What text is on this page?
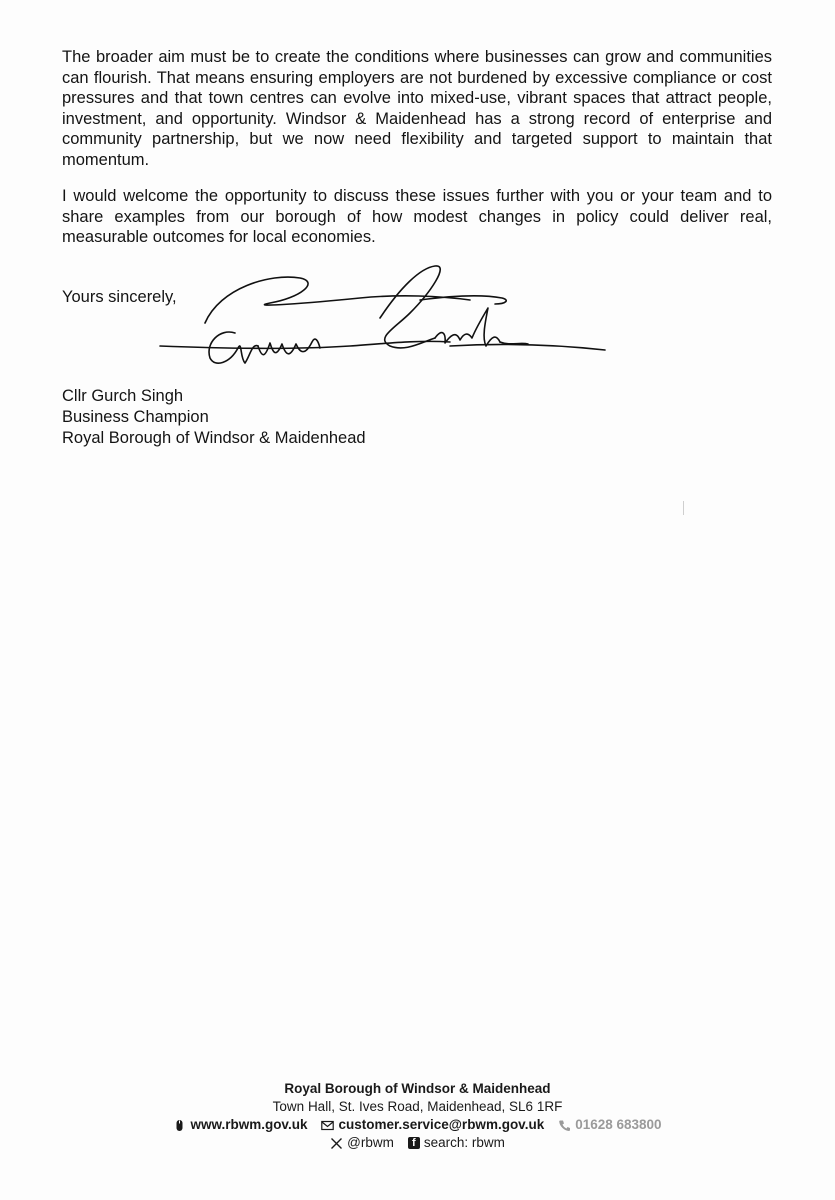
The broader aim must be to create the conditions where businesses can grow and communities can flourish. That means ensuring employers are not burdened by excessive compliance or cost pressures and that town centres can evolve into mixed-use, vibrant spaces that attract people, investment, and opportunity. Windsor & Maidenhead has a strong record of enterprise and community partnership, but we now need flexibility and targeted support to maintain that momentum.

I would welcome the opportunity to discuss these issues further with you or your team and to share examples from our borough of how modest changes in policy could deliver real, measurable outcomes for local economies.

Yours sincerely,

Cllr Gurch Singh
Business Champion
Royal Borough of Windsor & Maidenhead
Royal Borough of Windsor & Maidenhead
Town Hall, St. Ives Road, Maidenhead, SL6 1RF
www.rbwm.gov.uk customer.service@rbwm.gov.uk 01628 683800
@rbwm	f search: rbwm
